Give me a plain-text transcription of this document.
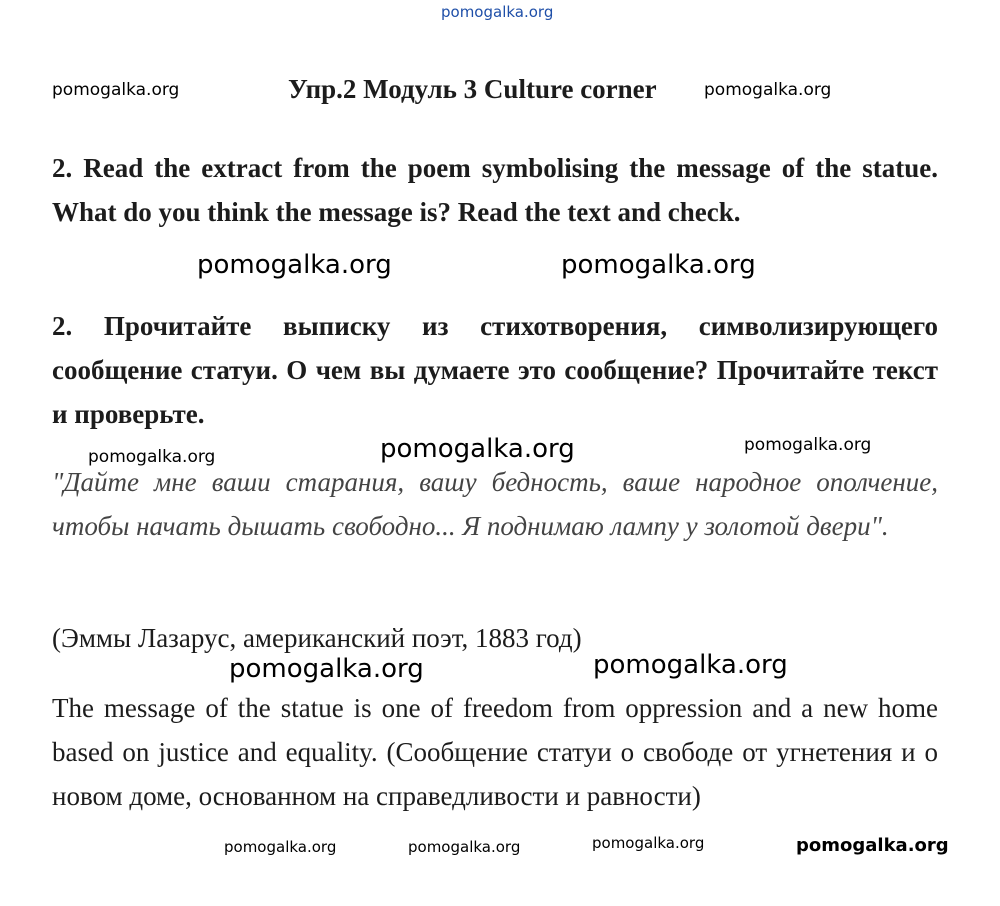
pomogalka.org
pomogalka.org	Упр.2 Модуль 3 Culture corner	pomogalka.org

2. Read the extract from the poem symbolising the message of the statue. What do you think the message is? Read the text and check.

pomogalka.org	pomogalka.org

2. Прочитайте выписку из стихотворения, символизирующего сообщение статуи. О чем вы думаете это сообщение? Прочитайте текст и проверьте.

pomogalka.org	pomogalka.org
pomogalka.org

"Дайте мне ваши старания, вашу бедность, ваше народное ополчение, чтобы начать дышать свободно... Я поднимаю лампу у золотой двери".

(Эммы Лазарус, американский поэт, 1883 год)

pomogalka.org	pomogalka.org

The message of the statue is one of freedom from oppression and a new home based on justice and equality. (Сообщение статуи о свободе от угнетения и о новом доме, основанном на справедливости и равности)

pomogalka.org	pomogalka.org	pomogalka.org	pomogalka.org
